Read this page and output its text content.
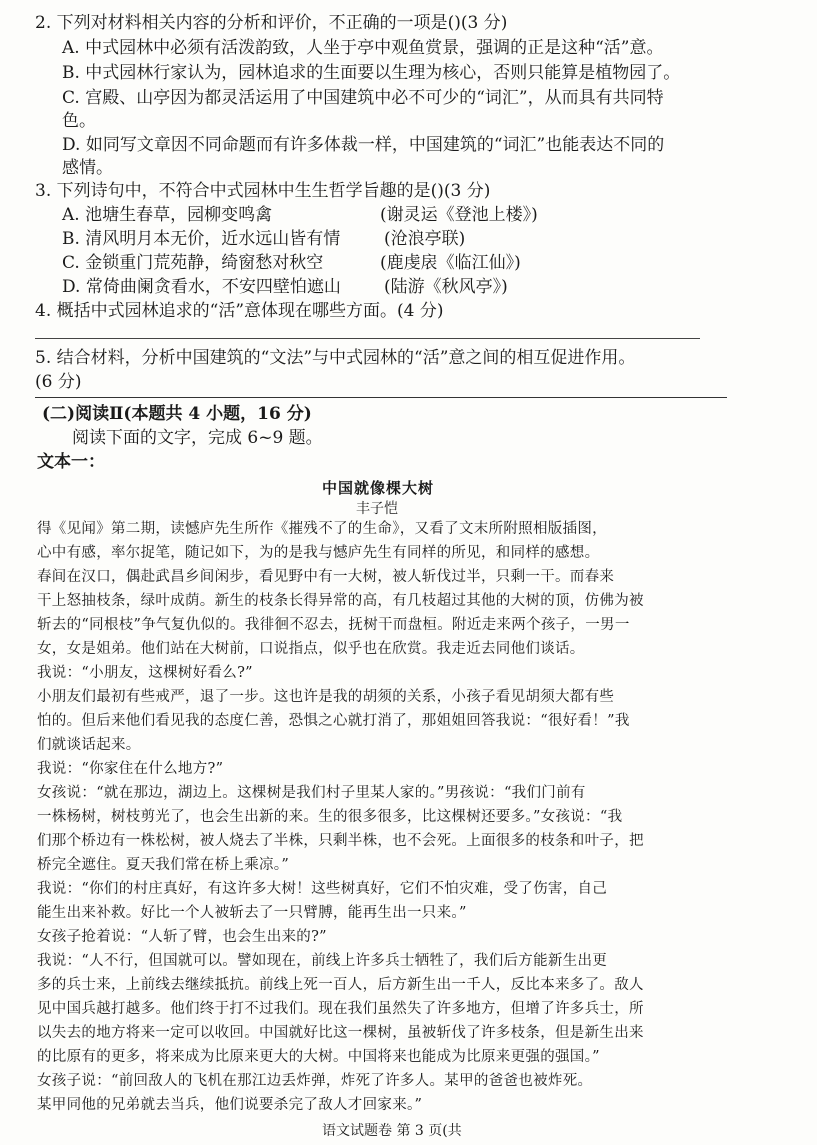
2. 下列对材料相关内容的分析和评价，不正确的一项是()(3 分)
A. 中式园林中必须有活泼韵致，人坐于亭中观鱼赏景，强调的正是这种“活”意。
B. 中式园林行家认为，园林追求的生面要以生理为核心，否则只能算是植物园了。
C. 宫殿、山亭因为都灵活运用了中国建筑中必不可少的“词汇”，从而具有共同特
色。
D. 如同写文章因不同命题而有许多体裁一样，中国建筑的“词汇”也能表达不同的
感情。
3. 下列诗句中，不符合中式园林中生生哲学旨趣的是()(3 分)
A. 池塘生春草，园柳变鸣禽	(谢灵运《登池上楼》)
B. 清风明月本无价，近水远山皆有情	(沧浪亭联)
C. 金锁重门荒苑静，绮窗愁对秋空	(鹿虔扆《临江仙》)
D. 常倚曲阑贪看水，不安四壁怕遮山	(陆游《秋风亭》)
4. 概括中式园林追求的“活”意体现在哪些方面。(4 分)
5. 结合材料，分析中国建筑的“文法”与中式园林的“活”意之间的相互促进作用。
(6 分)
(二)阅读Ⅱ(本题共 4 小题，16 分)
阅读下面的文字，完成 6~9 题。
文本一：
中国就像棵大树
丰子恺
得《见闻》第二期，读憾庐先生所作《摧残不了的生命》，又看了文末所附照相版插图，
心中有感，率尔捉笔，随记如下，为的是我与憾庐先生有同样的所见，和同样的感想。
春间在汉口，偶赴武昌乡间闲步，看见野中有一大树，被人斩伐过半，只剩一干。而春来
干上怒抽枝条，绿叶成荫。新生的枝条长得异常的高，有几枝超过其他的大树的顶，仿佛为被
斩去的“同根枝”争气复仇似的。我徘徊不忍去，抚树干而盘桓。附近走来两个孩子，一男一
女，女是姐弟。他们站在大树前，口说指点，似乎也在欣赏。我走近去同他们谈话。
我说：“小朋友，这棵树好看么?”
小朋友们最初有些戒严，退了一步。这也许是我的胡须的关系，小孩子看见胡须大都有些
怕的。但后来他们看见我的态度仁善，恐惧之心就打消了，那姐姐回答我说：“很好看！”我
们就谈话起来。
我说：“你家住在什么地方?”
女孩说：“就在那边，湖边上。这棵树是我们村子里某人家的。”男孩说：“我们门前有
一株杨树，树枝剪光了，也会生出新的来。生的很多很多，比这棵树还要多。”女孩说：“我
们那个桥边有一株松树，被人烧去了半株，只剩半株，也不会死。上面很多的枝条和叶子，把
桥完全遮住。夏天我们常在桥上乘凉。”
我说：“你们的村庄真好，有这许多大树！这些树真好，它们不怕灾难，受了伤害，自己
能生出来补救。好比一个人被斩去了一只臂膊，能再生出一只来。”
女孩子抢着说：“人斩了臂，也会生出来的?”
我说：“人不行，但国就可以。譬如现在，前线上许多兵士牺牲了，我们后方能新生出更
多的兵士来，上前线去继续抵抗。前线上死一百人，后方新生出一千人，反比本来多了。敌人
见中国兵越打越多。他们终于打不过我们。现在我们虽然失了许多地方，但增了许多兵士，所
以失去的地方将来一定可以收回。中国就好比这一棵树，虽被斩伐了许多枝条，但是新生出来
的比原有的更多，将来成为比原来更大的大树。中国将来也能成为比原来更强的强国。”
女孩子说：“前回敌人的飞机在那江边丢炸弹，炸死了许多人。某甲的爸爸也被炸死。
某甲同他的兄弟就去当兵，他们说要杀完了敌人才回家来。”
语文试题卷 第 3 页(共
